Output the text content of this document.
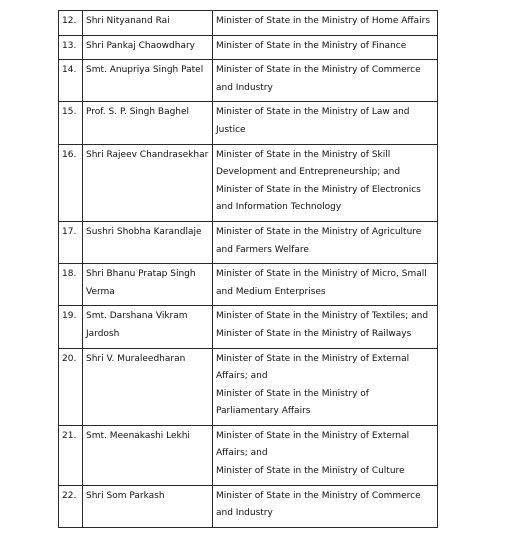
12.	Shri Nityanand Rai	Minister of State in the Ministry of Home Affairs

13.	Shri Pankaj Chaowdhary	Minister of State in the Ministry of Finance

14.	Smt. Anupriya Singh Patel	Minister of State in the Ministry of Commerce and Industry

15.	Prof. S. P. Singh Baghel	Minister of State in the Ministry of Law and Justice

16.	Shri Rajeev Chandrasekhar	Minister of State in the Ministry of Skill Development and Entrepreneurship; and
Minister of State in the Ministry of Electronics and Information Technology

17.	Sushri Shobha Karandlaje	Minister of State in the Ministry of Agriculture and Farmers Welfare

18.	Shri Bhanu Pratap Singh Verma	Minister of State in the Ministry of Micro, Small and Medium Enterprises

19.	Smt. Darshana Vikram Jardosh	Minister of State in the Ministry of Textiles; and
Minister of State in the Ministry of Railways

20.	Shri V. Muraleedharan	Minister of State in the Ministry of External Affairs; and
Minister of State in the Ministry of Parliamentary Affairs

21.	Smt. Meenakashi Lekhi	Minister of State in the Ministry of External Affairs; and
Minister of State in the Ministry of Culture

22.	Shri Som Parkash	Minister of State in the Ministry of Commerce and Industry
